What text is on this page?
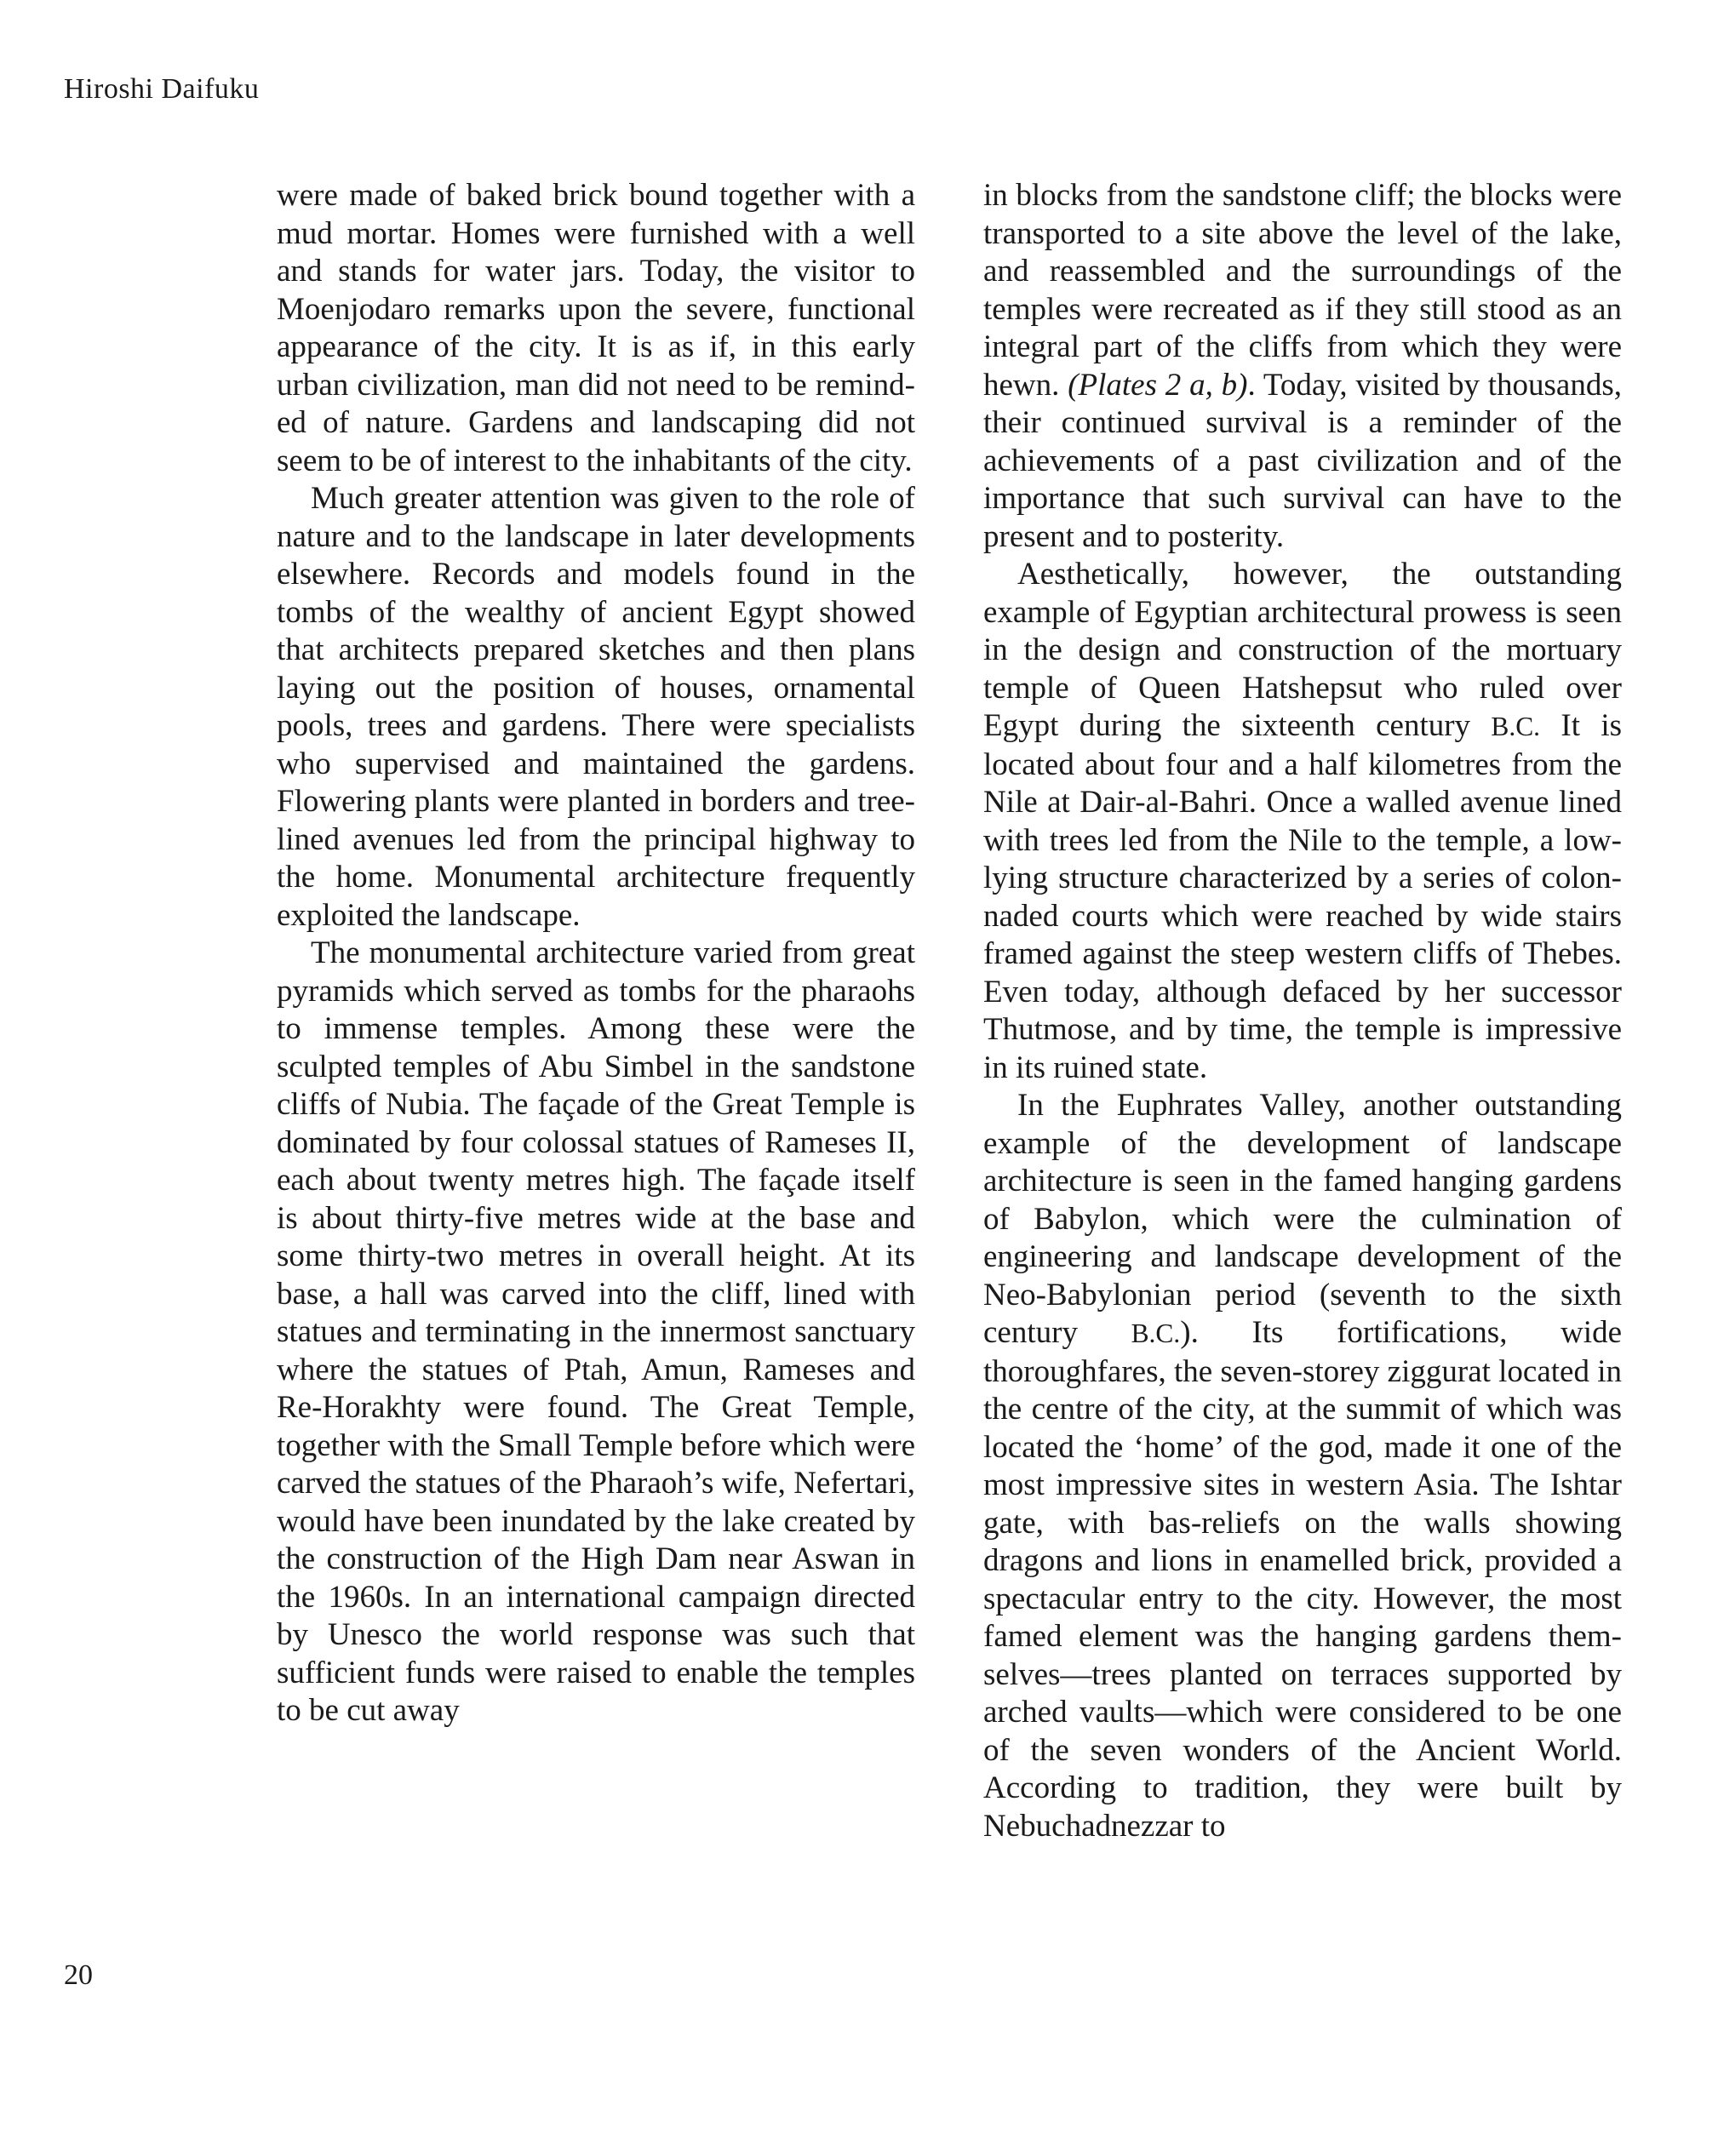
Hiroshi Daifuku

were made of baked brick bound together with a mud mortar. Homes were furnished with a well and stands for water jars. Today, the visitor to Moenjodaro remarks upon the severe, functional appearance of the city. It is as if, in this early urban civilization, man did not need to be reminded of nature. Gardens and landscaping did not seem to be of interest to the inhabitants of the city.

Much greater attention was given to the role of nature and to the landscape in later developments elsewhere. Records and models found in the tombs of the wealthy of ancient Egypt showed that architects prepared sketches and then plans laying out the position of houses, ornamental pools, trees and gardens. There were specialists who supervised and maintained the gardens. Flowering plants were planted in borders and tree-lined avenues led from the principal highway to the home. Monumental architecture frequently exploited the landscape.

The monumental architecture varied from great pyramids which served as tombs for the pharaohs to immense temples. Among these were the sculpted temples of Abu Simbel in the sandstone cliffs of Nubia. The façade of the Great Temple is dominated by four colossal statues of Rameses II, each about twenty metres high. The façade itself is about thirty-five metres wide at the base and some thirty-two metres in overall height. At its base, a hall was carved into the cliff, lined with statues and terminating in the innermost sanctuary where the statues of Ptah, Amun, Rameses and Re-Horakhty were found. The Great Temple, together with the Small Temple before which were carved the statues of the Pharaoh’s wife, Nefertari, would have been inundated by the lake created by the construction of the High Dam near Aswan in the 1960s. In an international campaign directed by Unesco the world response was such that sufficient funds were raised to enable the temples to be cut away

in blocks from the sandstone cliff; the blocks were transported to a site above the level of the lake, and reassembled and the surroundings of the temples were recreated as if they still stood as an integral part of the cliffs from which they were hewn. (Plates 2 a, b). Today, visited by thousands, their continued survival is a reminder of the achievements of a past civilization and of the importance that such survival can have to the present and to posterity.

Aesthetically, however, the outstanding example of Egyptian architectural prowess is seen in the design and construction of the mortuary temple of Queen Hatshepsut who ruled over Egypt during the sixteenth century B.C. It is located about four and a half kilometres from the Nile at Dair-al-Bahri. Once a walled avenue lined with trees led from the Nile to the temple, a low-lying structure characterized by a series of colonnaded courts which were reached by wide stairs framed against the steep western cliffs of Thebes. Even today, although defaced by her successor Thutmose, and by time, the temple is impressive in its ruined state.

In the Euphrates Valley, another outstanding example of the development of landscape architecture is seen in the famed hanging gardens of Babylon, which were the culmination of engineering and landscape development of the Neo-Babylonian period (seventh to the sixth century B.C.). Its fortifications, wide thoroughfares, the seven-storey ziggurat located in the centre of the city, at the summit of which was located the ‘home’ of the god, made it one of the most impressive sites in western Asia. The Ishtar gate, with bas-reliefs on the walls showing dragons and lions in enamelled brick, provided a spectacular entry to the city. However, the most famed element was the hanging gardens themselves—trees planted on terraces supported by arched vaults—which were considered to be one of the seven wonders of the Ancient World. According to tradition, they were built by Nebuchadnezzar to

20
